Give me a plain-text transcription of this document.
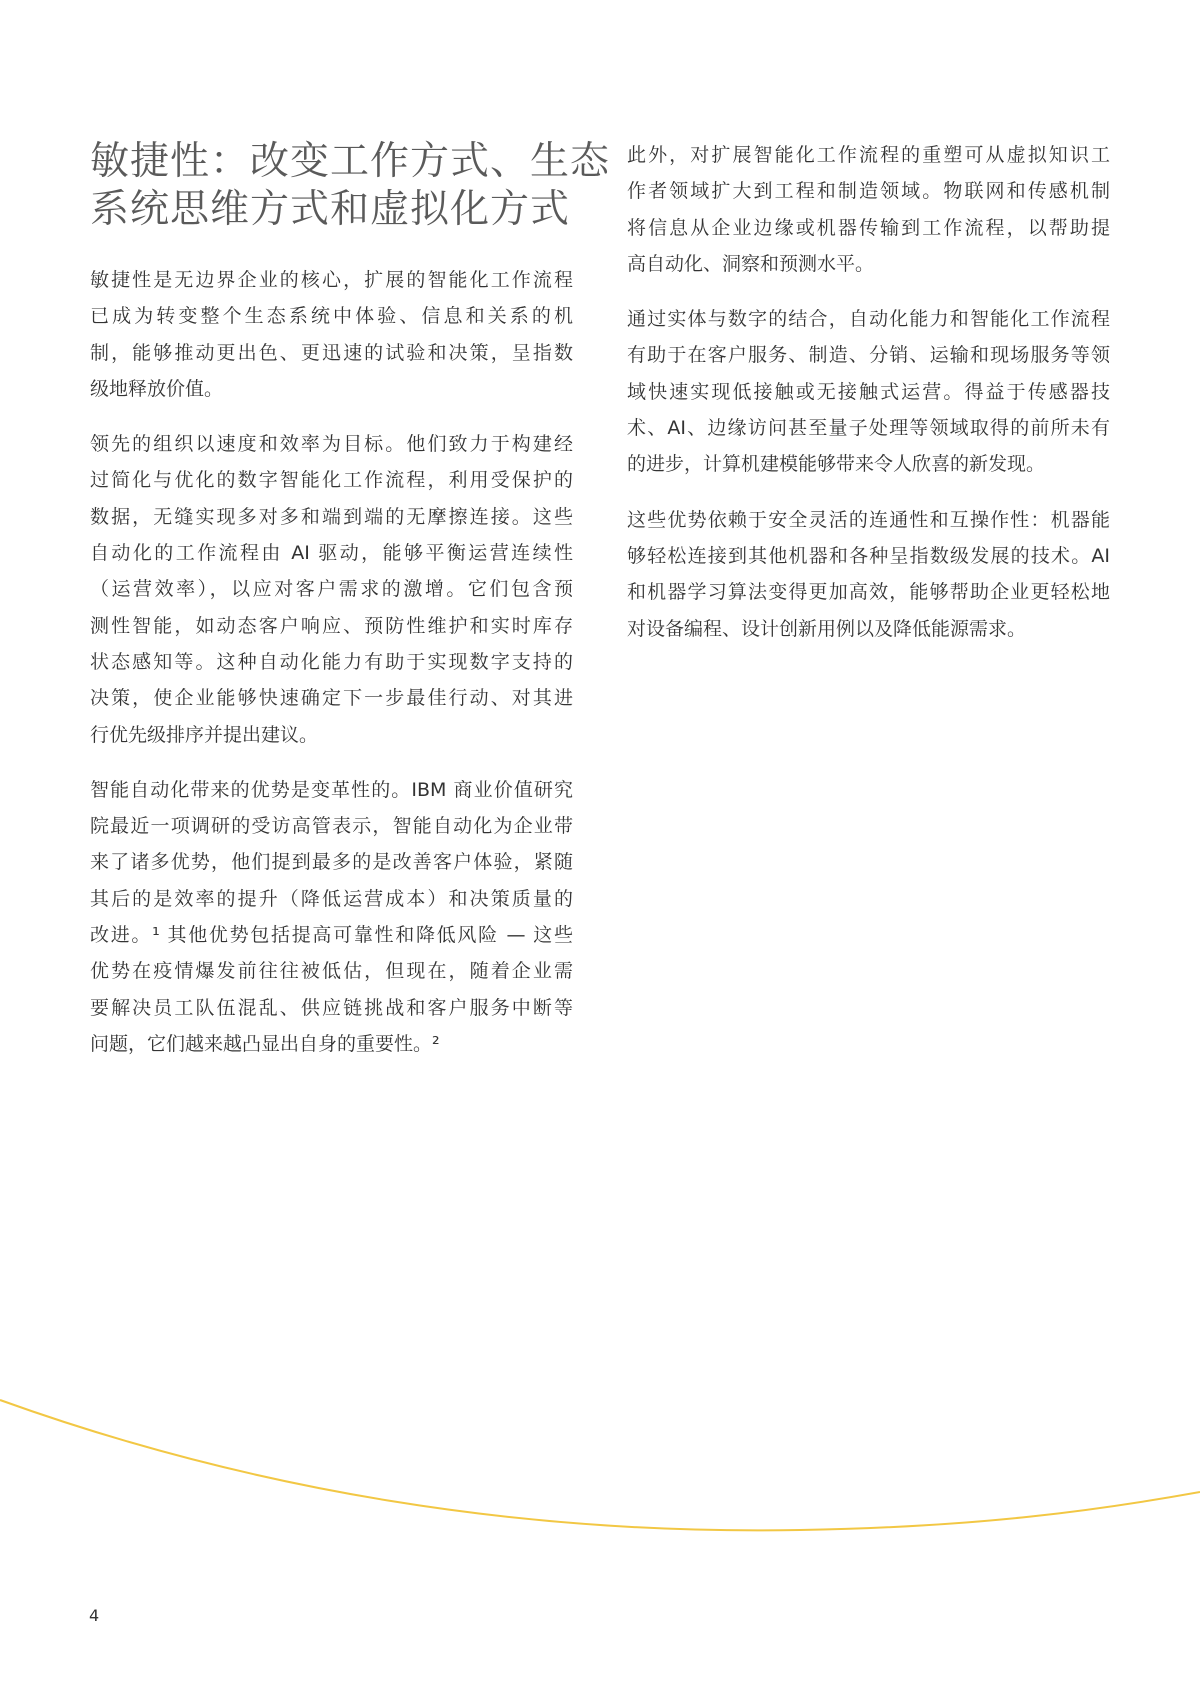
敏捷性：改变工作方式、生态
系统思维方式和虚拟化方式

敏捷性是无边界企业的核心，扩展的智能化工作流程
已成为转变整个生态系统中体验、信息和关系的机
制，能够推动更出色、更迅速的试验和决策，呈指数
级地释放价值。

领先的组织以速度和效率为目标。他们致力于构建经
过简化与优化的数字智能化工作流程，利用受保护的
数据，无缝实现多对多和端到端的无摩擦连接。这些
自动化的工作流程由 AI 驱动，能够平衡运营连续性
（运营效率），以应对客户需求的激增。它们包含预
测性智能，如动态客户响应、预防性维护和实时库存
状态感知等。这种自动化能力有助于实现数字支持的
决策，使企业能够快速确定下一步最佳行动、对其进
行优先级排序并提出建议。

智能自动化带来的优势是变革性的。IBM 商业价值研究
院最近一项调研的受访高管表示，智能自动化为企业带
来了诸多优势，他们提到最多的是改善客户体验，紧随
其后的是效率的提升（降低运营成本）和决策质量的
改进。¹ 其他优势包括提高可靠性和降低风险 — 这些
优势在疫情爆发前往往被低估，但现在，随着企业需
要解决员工队伍混乱、供应链挑战和客户服务中断等
问题，它们越来越凸显出自身的重要性。²

此外，对扩展智能化工作流程的重塑可从虚拟知识工
作者领域扩大到工程和制造领域。物联网和传感机制
将信息从企业边缘或机器传输到工作流程，以帮助提
高自动化、洞察和预测水平。

通过实体与数字的结合，自动化能力和智能化工作流程
有助于在客户服务、制造、分销、运输和现场服务等领
域快速实现低接触或无接触式运营。得益于传感器技
术、AI、边缘访问甚至量子处理等领域取得的前所未有
的进步，计算机建模能够带来令人欣喜的新发现。

这些优势依赖于安全灵活的连通性和互操作性：机器能
够轻松连接到其他机器和各种呈指数级发展的技术。AI
和机器学习算法变得更加高效，能够帮助企业更轻松地
对设备编程、设计创新用例以及降低能源需求。

4
